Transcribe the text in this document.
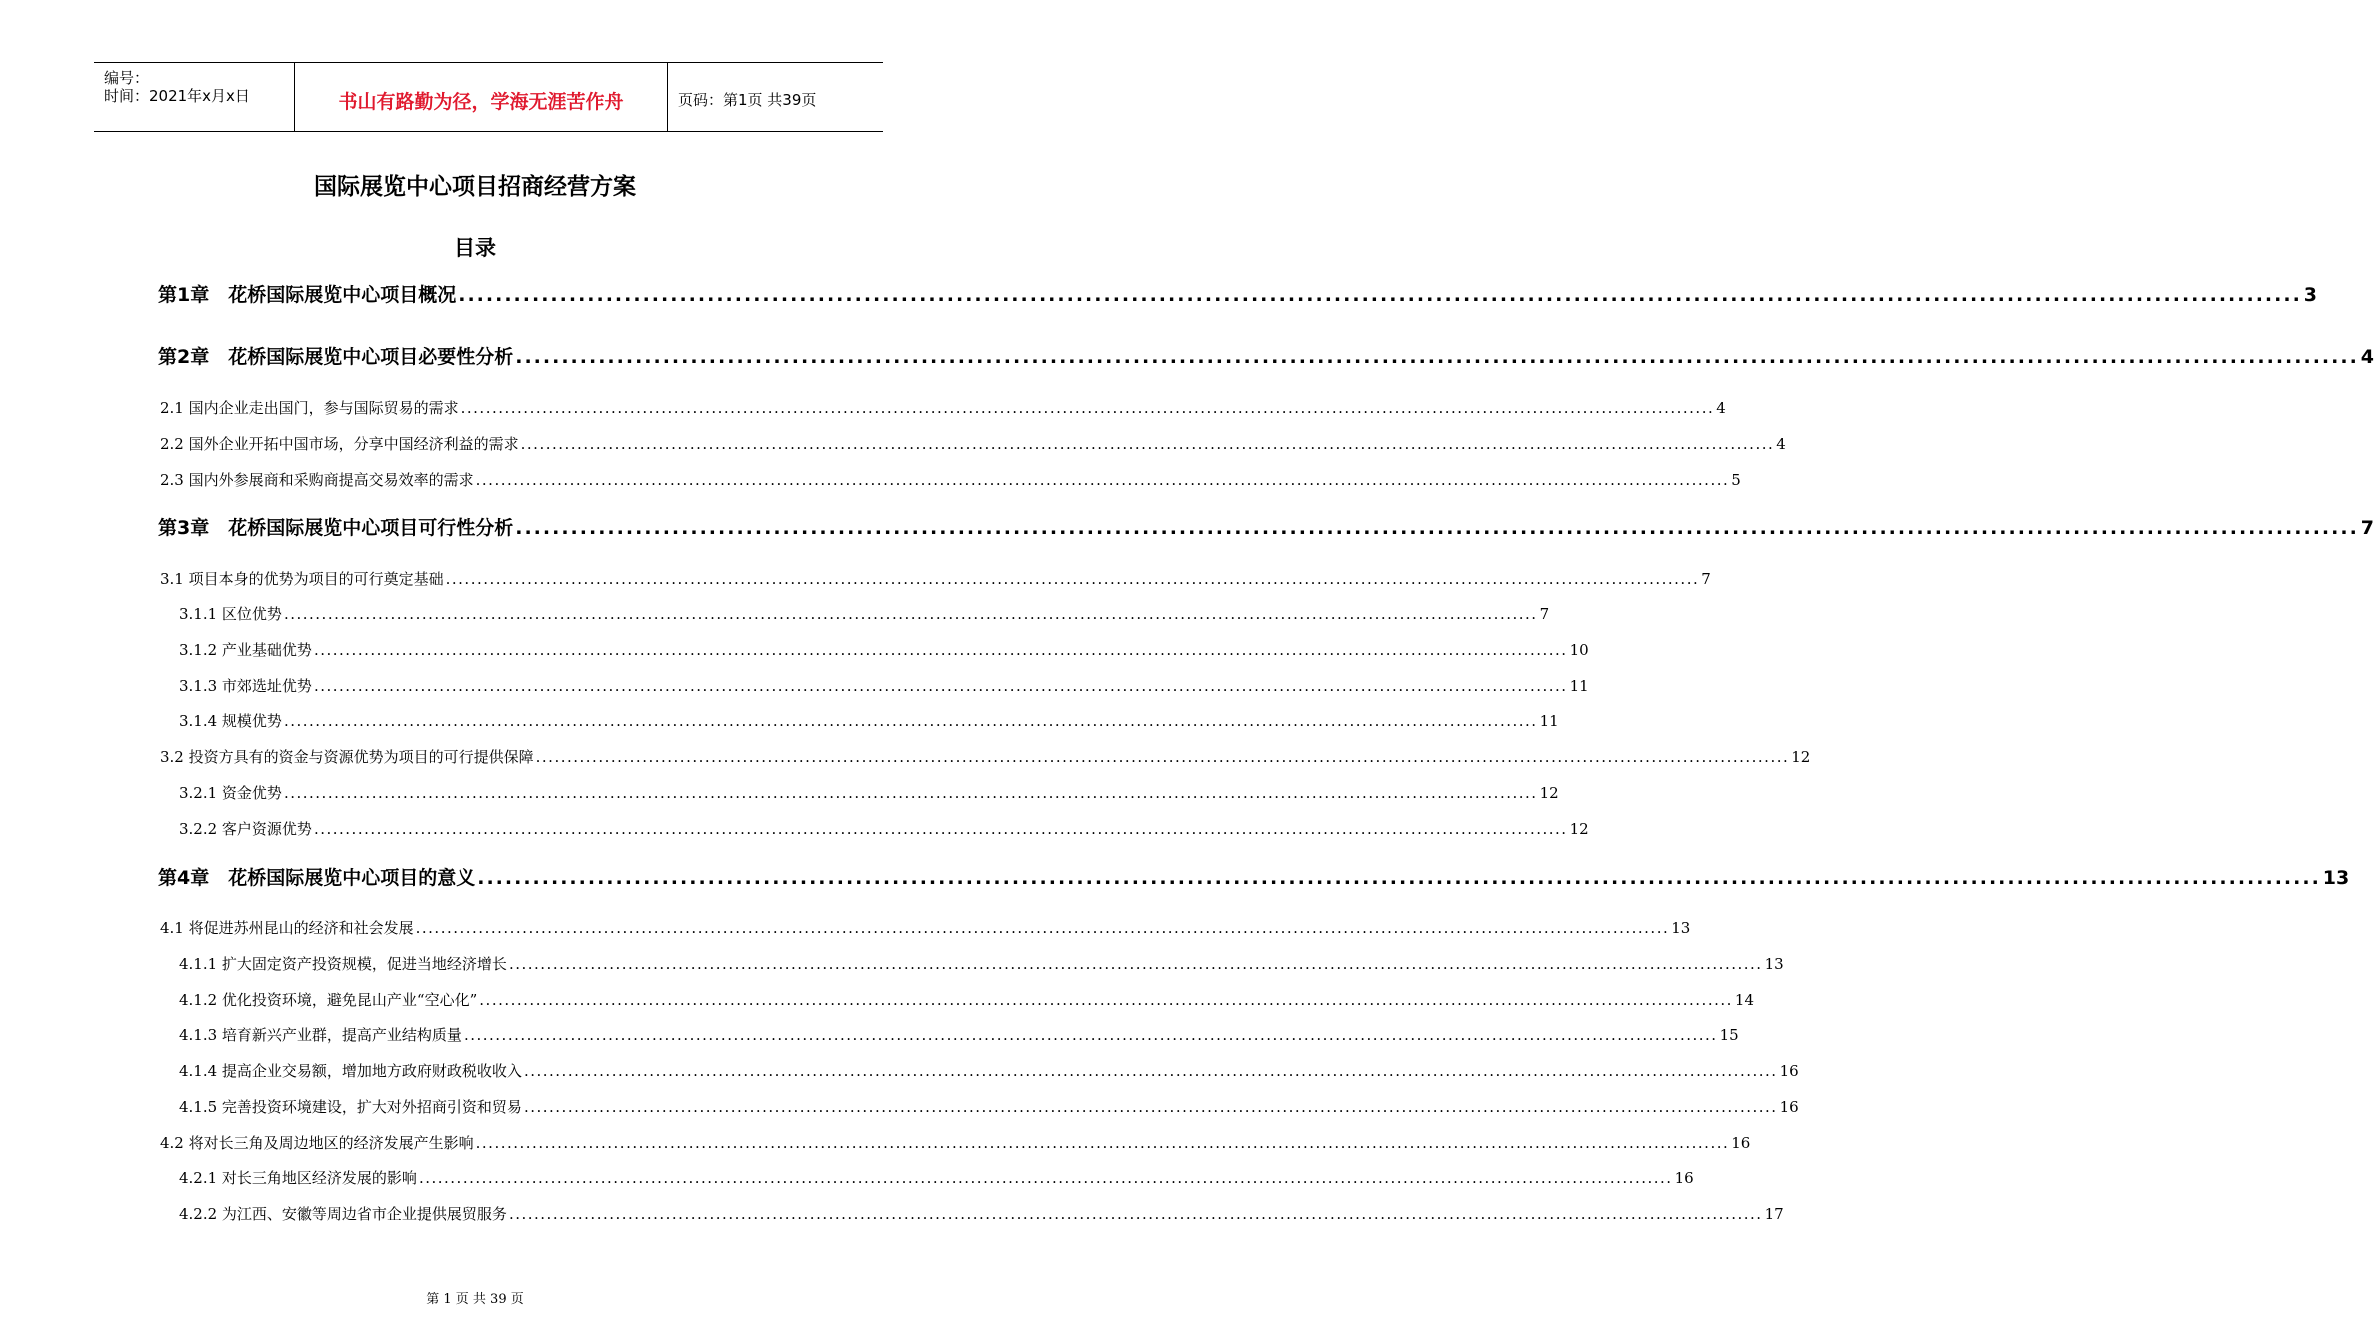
编号：
时间：2021年x月x日	书山有路勤为径，学海无涯苦作舟	页码：第1页 共39页
国际展览中心项目招商经营方案
目录
第1章　花桥国际展览中心项目概况 ........................................................................................................................................................................................................ 3
第2章　花桥国际展览中心项目必要性分析 ........................................................................................................................................................................................................ 4
2.1 国内企业走出国门，参与国际贸易的需求 ........................................................................................................................................................................................................ 4
2.2 国外企业开拓中国市场，分享中国经济利益的需求 ........................................................................................................................................................................................................ 4
2.3 国内外参展商和采购商提高交易效率的需求 ........................................................................................................................................................................................................ 5
第3章　花桥国际展览中心项目可行性分析 ........................................................................................................................................................................................................ 7
3.1 项目本身的优势为项目的可行奠定基础 ........................................................................................................................................................................................................ 7
3.1.1 区位优势 ........................................................................................................................................................................................................ 7
3.1.2 产业基础优势 ........................................................................................................................................................................................................ 10
3.1.3 市郊选址优势 ........................................................................................................................................................................................................ 11
3.1.4 规模优势 ........................................................................................................................................................................................................ 11
3.2 投资方具有的资金与资源优势为项目的可行提供保障 ........................................................................................................................................................................................................ 12
3.2.1 资金优势 ........................................................................................................................................................................................................ 12
3.2.2 客户资源优势 ........................................................................................................................................................................................................ 12
第4章　花桥国际展览中心项目的意义 ........................................................................................................................................................................................................ 13
4.1 将促进苏州昆山的经济和社会发展 ........................................................................................................................................................................................................ 13
4.1.1 扩大固定资产投资规模，促进当地经济增长 ........................................................................................................................................................................................................ 13
4.1.2 优化投资环境，避免昆山产业“空心化” ........................................................................................................................................................................................................ 14
4.1.3 培育新兴产业群，提高产业结构质量 ........................................................................................................................................................................................................ 15
4.1.4 提高企业交易额，增加地方政府财政税收收入 ........................................................................................................................................................................................................ 16
4.1.5 完善投资环境建设，扩大对外招商引资和贸易 ........................................................................................................................................................................................................ 16
4.2 将对长三角及周边地区的经济发展产生影响 ........................................................................................................................................................................................................ 16
4.2.1 对长三角地区经济发展的影响 ........................................................................................................................................................................................................ 16
4.2.2 为江西、安徽等周边省市企业提供展贸服务 ........................................................................................................................................................................................................ 17
第 1 页 共 39 页
